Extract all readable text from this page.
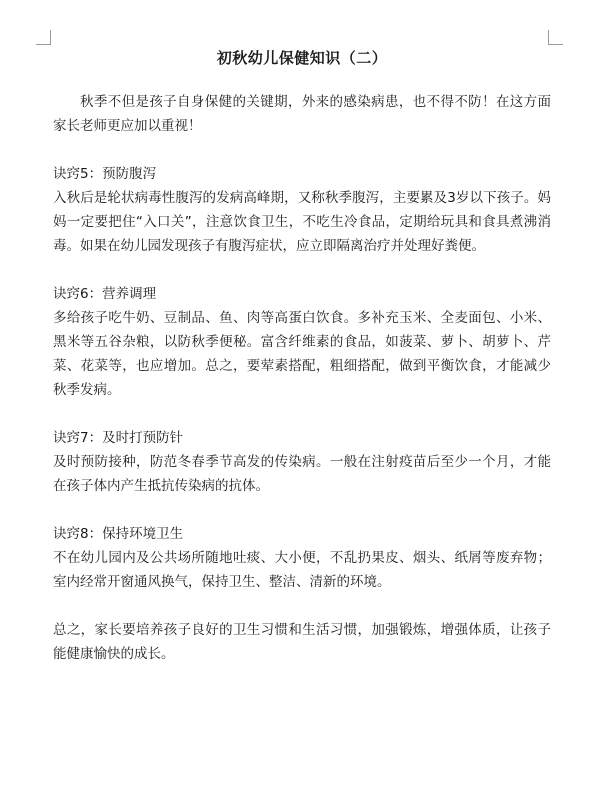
初秋幼儿保健知识（二）

秋季不但是孩子自身保健的关键期，外来的感染病患，也不得不防！在这方面家长老师更应加以重视！

诀窍5：预防腹泻

入秋后是轮状病毒性腹泻的发病高峰期，又称秋季腹泻，主要累及3岁以下孩子。妈妈一定要把住“入口关”，注意饮食卫生，不吃生冷食品，定期给玩具和食具煮沸消毒。如果在幼儿园发现孩子有腹泻症状，应立即隔离治疗并处理好粪便。

诀窍6：营养调理

多给孩子吃牛奶、豆制品、鱼、肉等高蛋白饮食。多补充玉米、全麦面包、小米、黑米等五谷杂粮，以防秋季便秘。富含纤维素的食品，如菠菜、萝卜、胡萝卜、芹菜、花菜等，也应增加。总之，要荤素搭配，粗细搭配，做到平衡饮食，才能减少秋季发病。

诀窍7：及时打预防针

及时预防接种，防范冬春季节高发的传染病。一般在注射疫苗后至少一个月，才能在孩子体内产生抵抗传染病的抗体。

诀窍8：保持环境卫生

不在幼儿园内及公共场所随地吐痰、大小便，不乱扔果皮、烟头、纸屑等废弃物；室内经常开窗通风换气，保持卫生、整洁、清新的环境。

总之，家长要培养孩子良好的卫生习惯和生活习惯，加强锻炼，增强体质，让孩子能健康愉快的成长。
